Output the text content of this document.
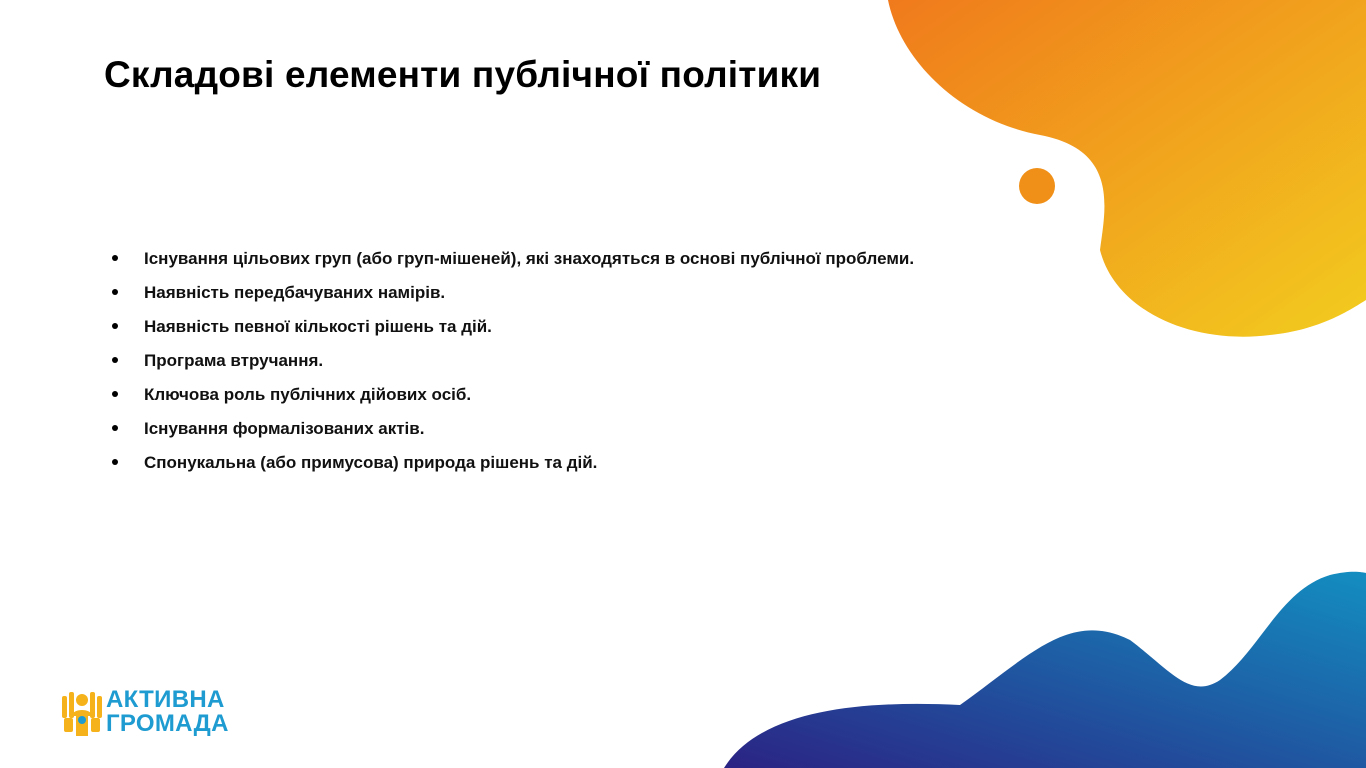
Складові елементи публічної політики
Існування цільових груп (або груп-мішеней), які знаходяться в основі публічної проблеми.
Наявність передбачуваних намірів.
Наявність певної кількості рішень та дій.
Програма втручання.
Ключова роль публічних дійових осіб.
Існування формалізованих актів.
Спонукальна (або примусова) природа рішень та дій.
АКТИВНА
ГРОМАДА
